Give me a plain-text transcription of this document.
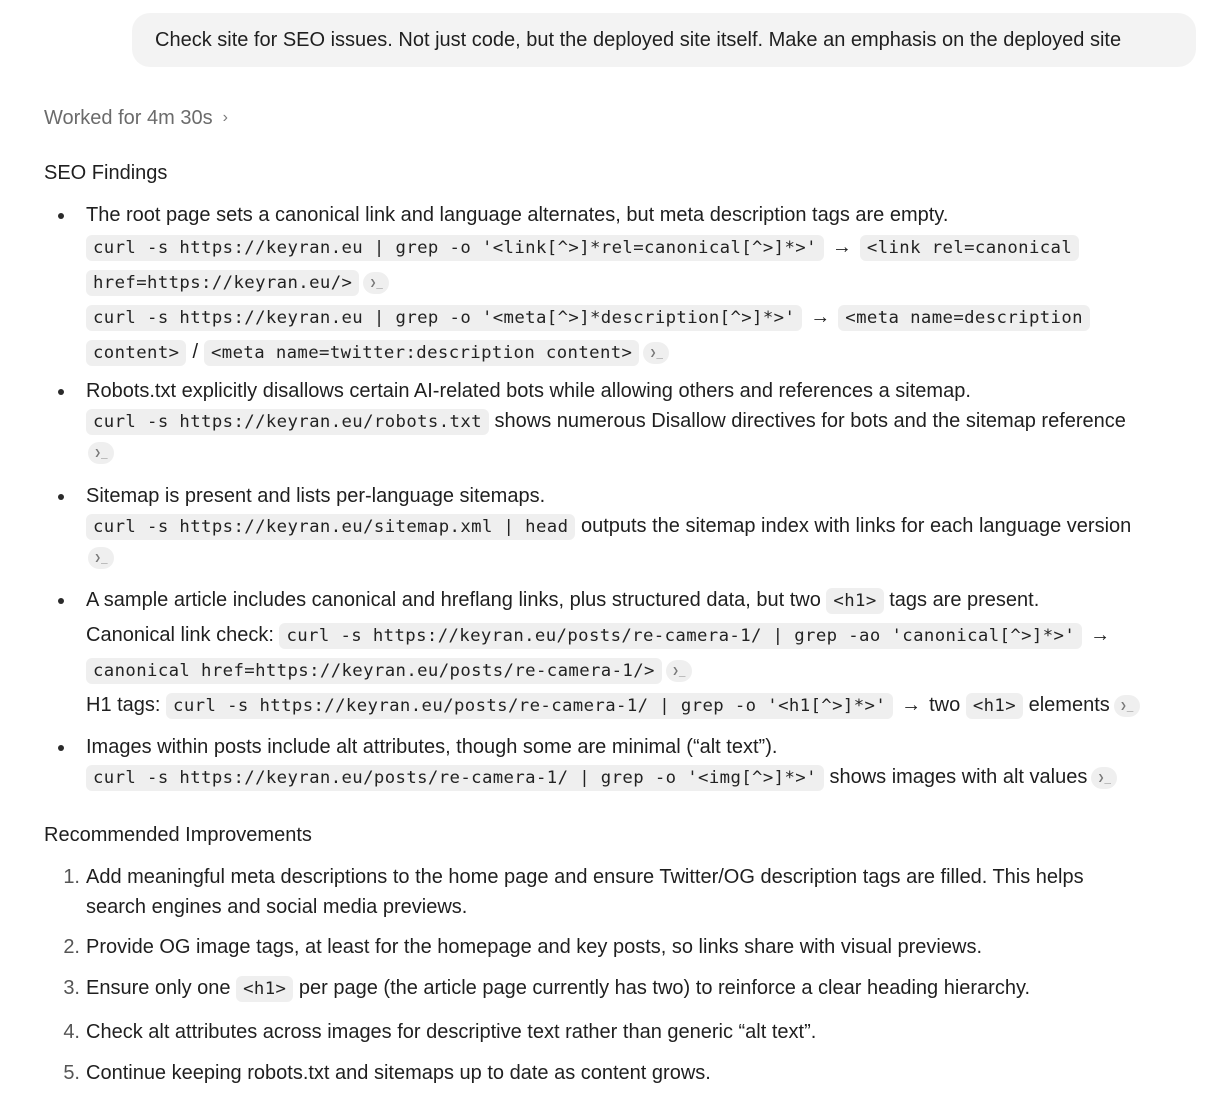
Check site for SEO issues. Not just code, but the deployed site itself. Make an emphasis on the deployed site
Worked for 4m 30s ›
SEO Findings
The root page sets a canonical link and language alternates, but meta description tags are empty.
curl -s https://keyran.eu | grep -o '<link[^>]*rel=canonical[^>]*>' → <link rel=canonical
href=https://keyran.eu/> ❯_
curl -s https://keyran.eu | grep -o '<meta[^>]*description[^>]*>' → <meta name=description
content> / <meta name=twitter:description content> ❯_
Robots.txt explicitly disallows certain AI-related bots while allowing others and references a sitemap.
curl -s https://keyran.eu/robots.txt shows numerous Disallow directives for bots and the sitemap reference
❯_
Sitemap is present and lists per-language sitemaps.
curl -s https://keyran.eu/sitemap.xml | head outputs the sitemap index with links for each language version
❯_
A sample article includes canonical and hreflang links, plus structured data, but two <h1> tags are present.
Canonical link check: curl -s https://keyran.eu/posts/re-camera-1/ | grep -ao 'canonical[^>]*>' →
canonical href=https://keyran.eu/posts/re-camera-1/> ❯_
H1 tags: curl -s https://keyran.eu/posts/re-camera-1/ | grep -o '<h1[^>]*>' → two <h1> elements ❯_
Images within posts include alt attributes, though some are minimal (“alt text”).
curl -s https://keyran.eu/posts/re-camera-1/ | grep -o '<img[^>]*>' shows images with alt values ❯_
Recommended Improvements
1. Add meaningful meta descriptions to the home page and ensure Twitter/OG description tags are filled. This helps
search engines and social media previews.
2. Provide OG image tags, at least for the homepage and key posts, so links share with visual previews.
3. Ensure only one <h1> per page (the article page currently has two) to reinforce a clear heading hierarchy.
4. Check alt attributes across images for descriptive text rather than generic “alt text”.
5. Continue keeping robots.txt and sitemaps up to date as content grows.
